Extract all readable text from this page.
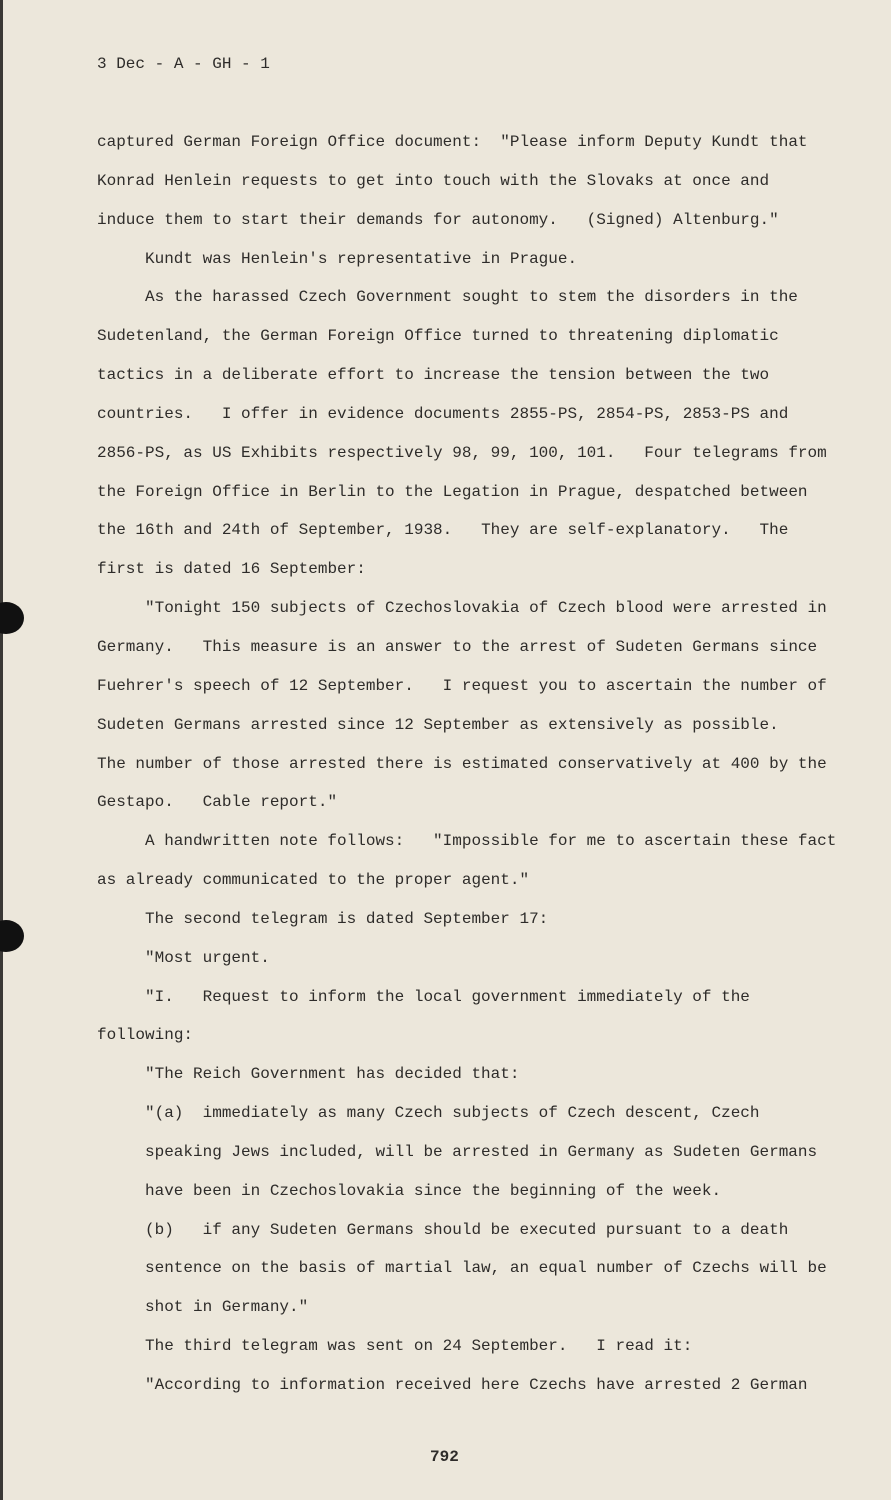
3 Dec - A - GH - 1
captured German Foreign Office document:  "Please inform Deputy Kundt that
Konrad Henlein requests to get into touch with the Slovaks at once and
induce them to start their demands for autonomy.   (Signed) Altenburg."
Kundt was Henlein's representative in Prague.
As the harassed Czech Government sought to stem the disorders in the
Sudetenland, the German Foreign Office turned to threatening diplomatic
tactics in a deliberate effort to increase the tension between the two
countries.   I offer in evidence documents 2855-PS, 2854-PS, 2853-PS and
2856-PS, as US Exhibits respectively 98, 99, 100, 101.   Four telegrams from
the Foreign Office in Berlin to the Legation in Prague, despatched between
the 16th and 24th of September, 1938.   They are self-explanatory.   The
first is dated 16 September:
"Tonight 150 subjects of Czechoslovakia of Czech blood were arrested in
Germany.   This measure is an answer to the arrest of Sudeten Germans since
Fuehrer's speech of 12 September.   I request you to ascertain the number of
Sudeten Germans arrested since 12 September as extensively as possible.
The number of those arrested there is estimated conservatively at 400 by the
Gestapo.   Cable report."
A handwritten note follows:   "Impossible for me to ascertain these fact
as already communicated to the proper agent."
The second telegram is dated September 17:
"Most urgent.
"I.   Request to inform the local government immediately of the
following:
"The Reich Government has decided that:
"(a)  immediately as many Czech subjects of Czech descent, Czech
speaking Jews included, will be arrested in Germany as Sudeten Germans
have been in Czechoslovakia since the beginning of the week.
(b)   if any Sudeten Germans should be executed pursuant to a death
sentence on the basis of martial law, an equal number of Czechs will be
shot in Germany."
The third telegram was sent on 24 September.   I read it:
"According to information received here Czechs have arrested 2 German
792
